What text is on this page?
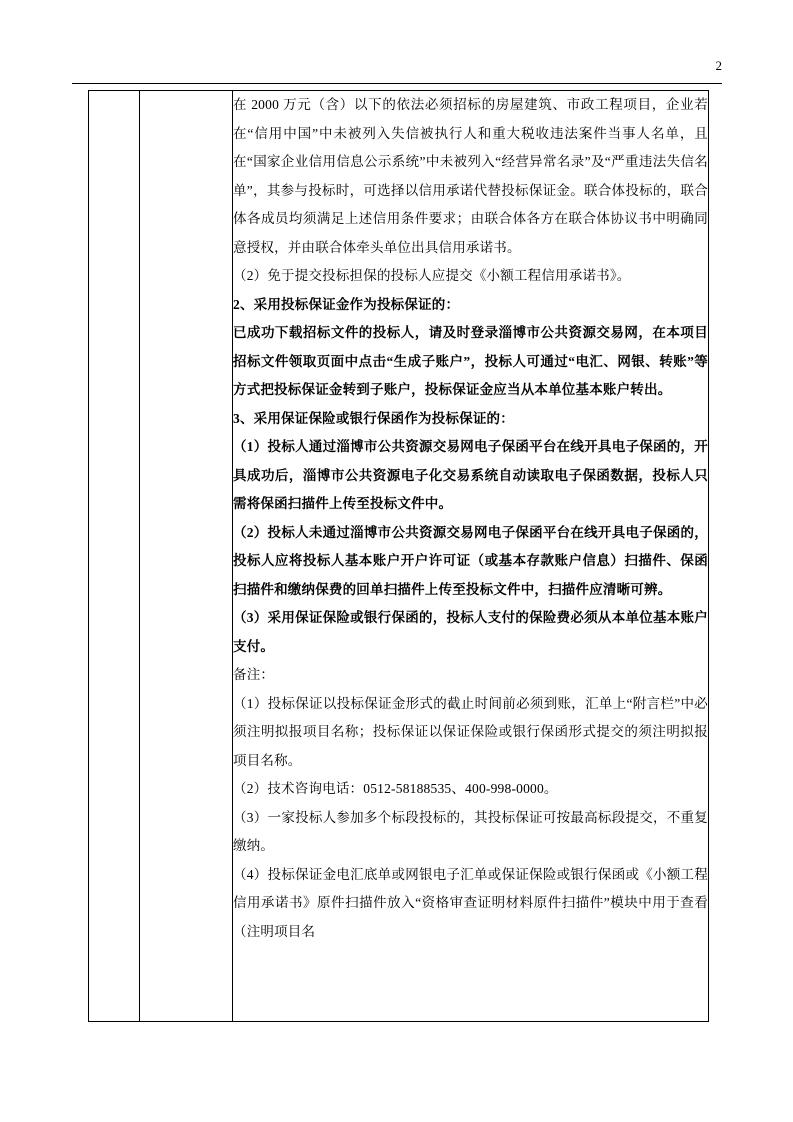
2

在 2000 万元（含）以下的依法必须招标的房屋建筑、市政工程项目，企业若在“信用中国”中未被列入失信被执行人和重大税收违法案件当事人名单，且在“国家企业信用信息公示系统”中未被列入“经营异常名录”及“严重违法失信名单”，其参与投标时，可选择以信用承诺代替投标保证金。联合体投标的，联合体各成员均须满足上述信用条件要求；由联合体各方在联合体协议书中明确同意授权，并由联合体牵头单位出具信用承诺书。

（2）免于提交投标担保的投标人应提交《小额工程信用承诺书》。

2、采用投标保证金作为投标保证的：

已成功下载招标文件的投标人，请及时登录淄博市公共资源交易网，在本项目招标文件领取页面中点击“生成子账户”，投标人可通过“电汇、网银、转账”等方式把投标保证金转到子账户，投标保证金应当从本单位基本账户转出。

3、采用保证保险或银行保函作为投标保证的：

（1）投标人通过淄博市公共资源交易网电子保函平台在线开具电子保函的，开具成功后，淄博市公共资源电子化交易系统自动读取电子保函数据，投标人只需将保函扫描件上传至投标文件中。

（2）投标人未通过淄博市公共资源交易网电子保函平台在线开具电子保函的，投标人应将投标人基本账户开户许可证（或基本存款账户信息）扫描件、保函扫描件和缴纳保费的回单扫描件上传至投标文件中，扫描件应清晰可辨。

（3）采用保证保险或银行保函的，投标人支付的保险费必须从本单位基本账户支付。

备注：

（1）投标保证以投标保证金形式的截止时间前必须到账，汇单上“附言栏”中必须注明拟报项目名称；投标保证以保证保险或银行保函形式提交的须注明拟报项目名称。

（2）技术咨询电话：0512-58188535、400-998-0000。

（3）一家投标人参加多个标段投标的，其投标保证可按最高标段提交，不重复缴纳。

（4）投标保证金电汇底单或网银电子汇单或保证保险或银行保函或《小额工程信用承诺书》原件扫描件放入“资格审查证明材料原件扫描件”模块中用于查看（注明项目名
